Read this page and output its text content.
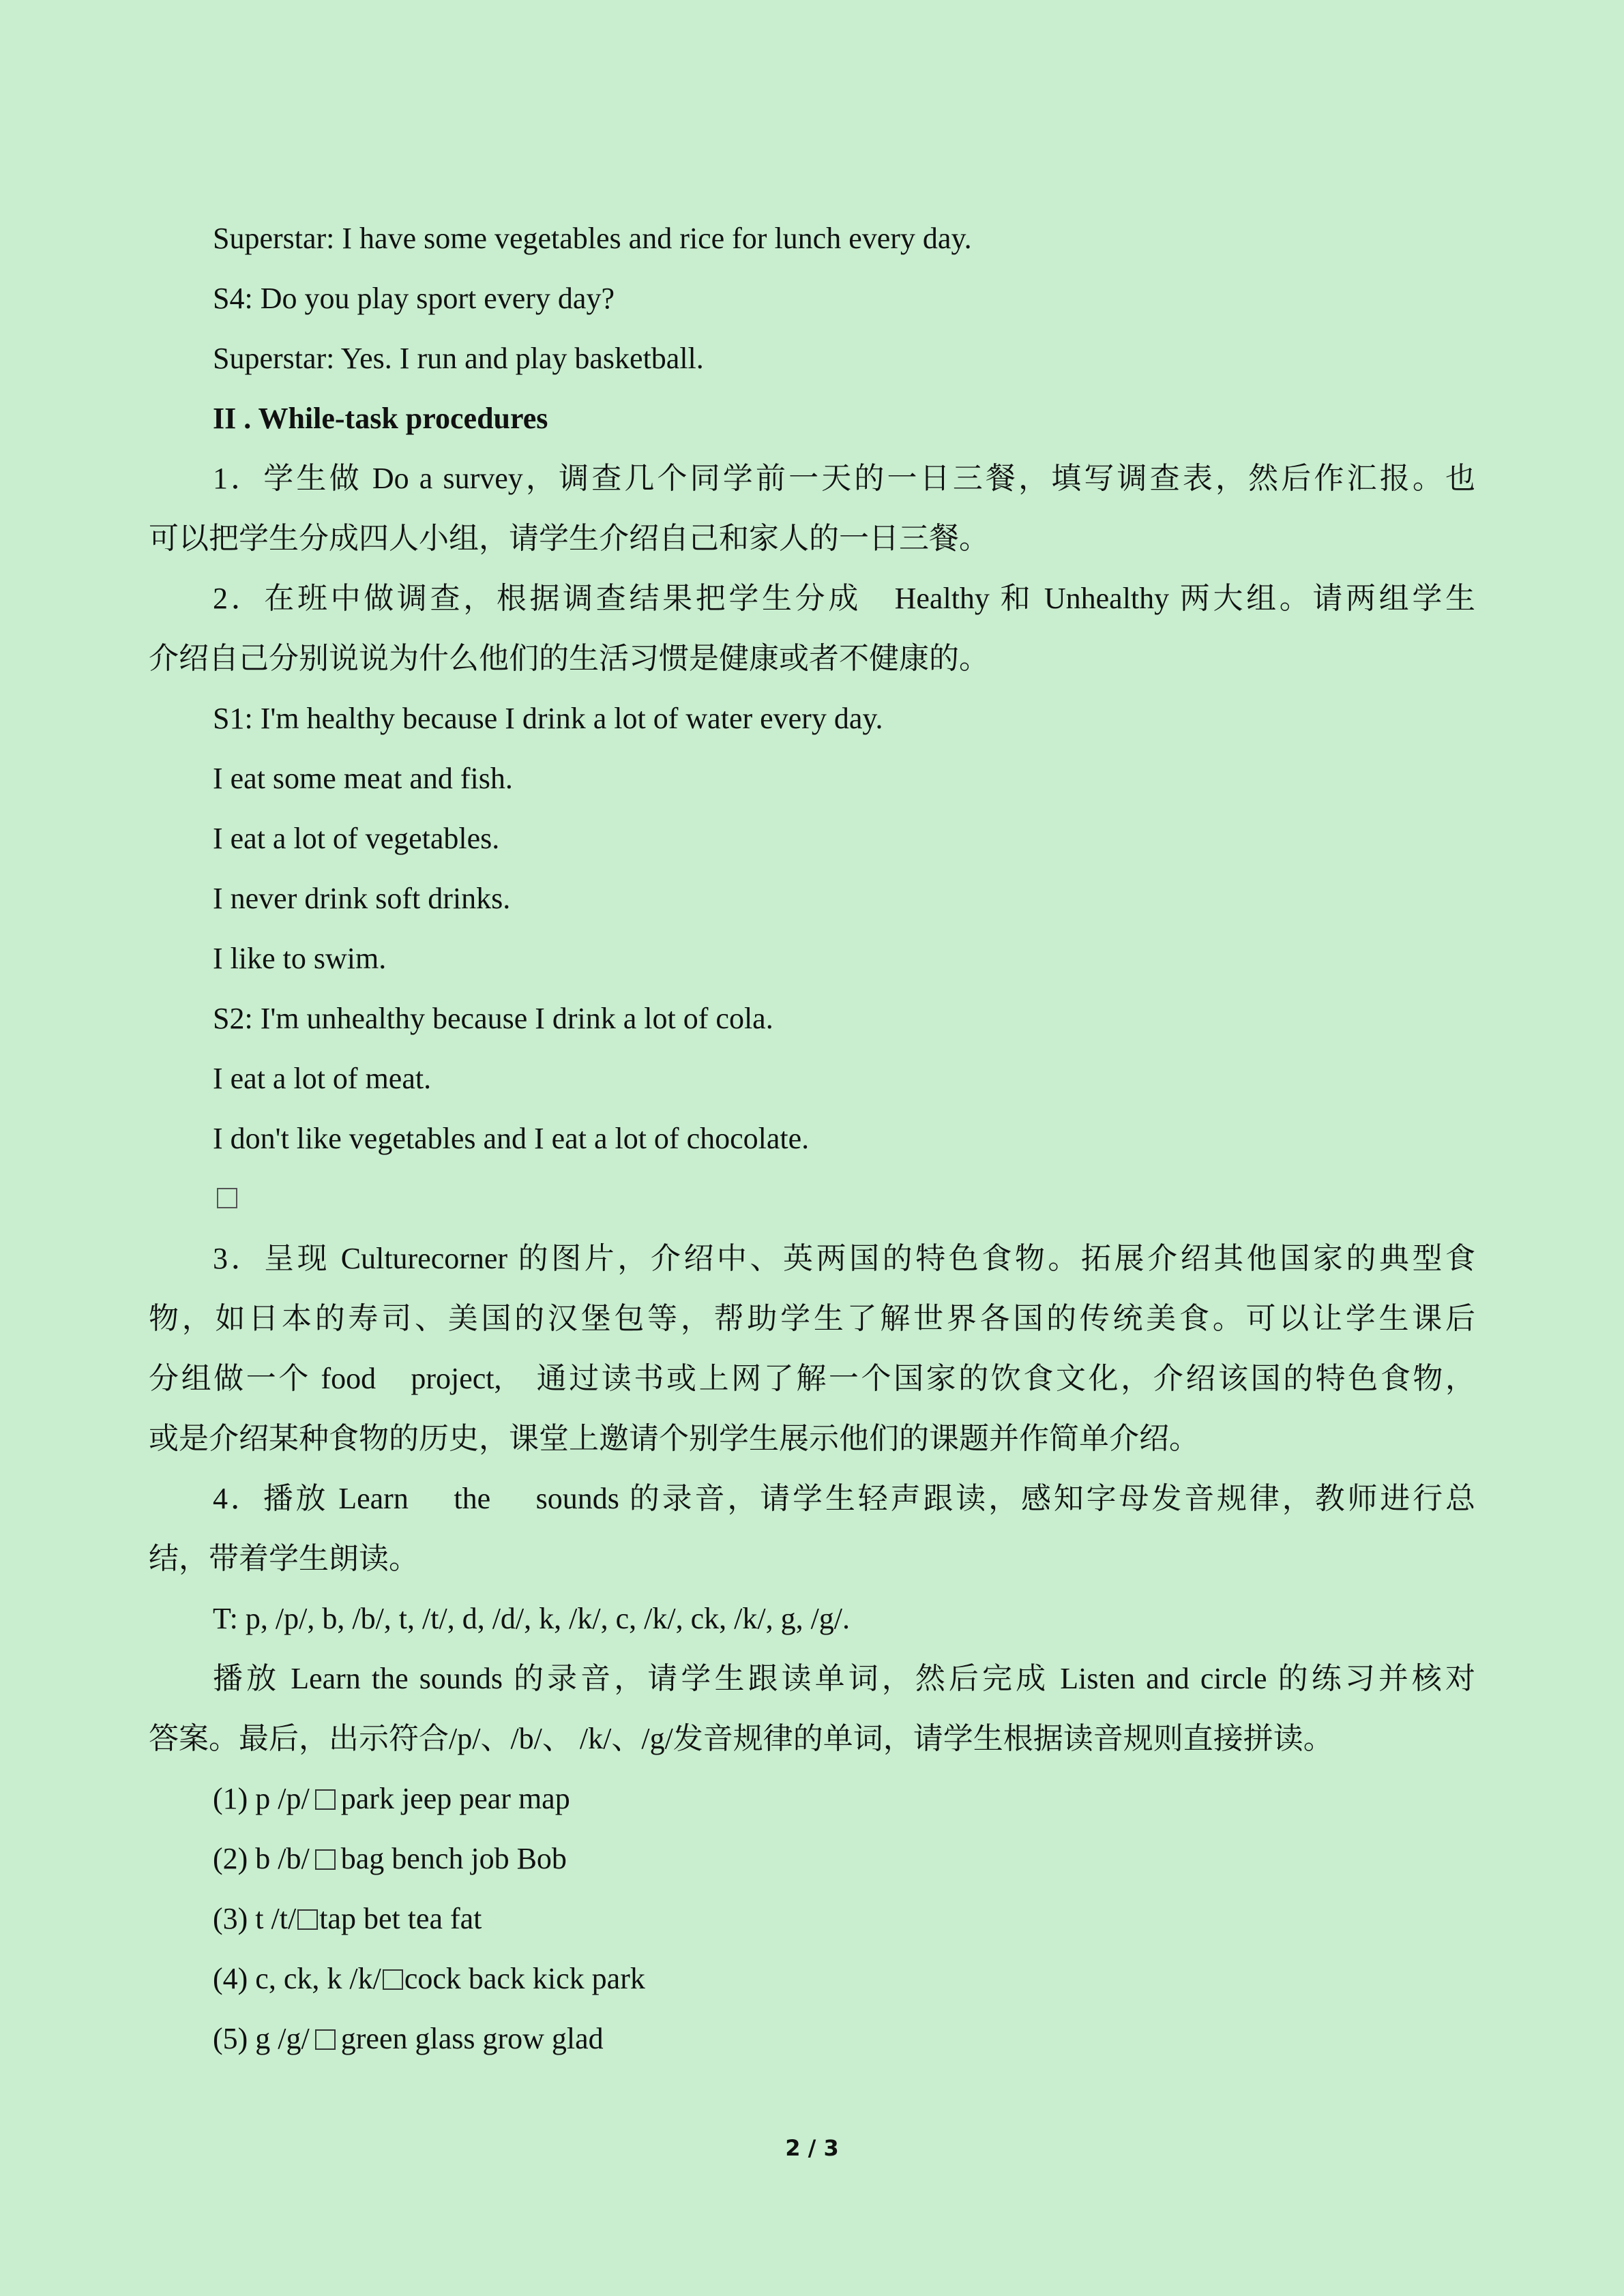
Superstar: I have some vegetables and rice for lunch every day.
S4: Do you play sport every day?
Superstar: Yes. I run and play basketball.
II . While-task procedures
1．学生做 Do a survey，调查几个同学前一天的一日三餐，填写调查表，然后作汇报。也
可以把学生分成四人小组，请学生介绍自己和家人的一日三餐。
2．在班中做调查，根据调查结果把学生分成　Healthy 和 Unhealthy 两大组。请两组学生
介绍自己分别说说为什么他们的生活习惯是健康或者不健康的。
S1: I'm healthy because I drink a lot of water every day.
I eat some meat and fish.
I eat a lot of vegetables.
I never drink soft drinks.
I like to swim.
S2: I'm unhealthy because I drink a lot of cola.
I eat a lot of meat.
I don't like vegetables and I eat a lot of chocolate.
3．呈现 Culturecorner 的图片，介绍中、英两国的特色食物。拓展介绍其他国家的典型食
物，如日本的寿司、美国的汉堡包等，帮助学生了解世界各国的传统美食。可以让学生课后
分组做一个 food　project,　通过读书或上网了解一个国家的饮食文化，介绍该国的特色食物，
或是介绍某种食物的历史，课堂上邀请个别学生展示他们的课题并作简单介绍。
4．播放 Learn　 the　 sounds 的录音，请学生轻声跟读，感知字母发音规律，教师进行总
结，带着学生朗读。
T: p, /p/, b, /b/, t, /t/, d, /d/, k, /k/, c, /k/, ck, /k/, g, /g/.
播放 Learn the sounds 的录音，请学生跟读单词，然后完成 Listen and circle 的练习并核对
答案。最后，出示符合/p/、/b/、 /k/、/g/发音规律的单词，请学生根据读音规则直接拼读。
(1) p /p/ park jeep pear map
(2) b /b/ bag bench job Bob
(3) t /t/ tap bet tea fat
(4) c, ck, k /k/ cock back kick park
(5) g /g/ green glass grow glad
2 / 3
